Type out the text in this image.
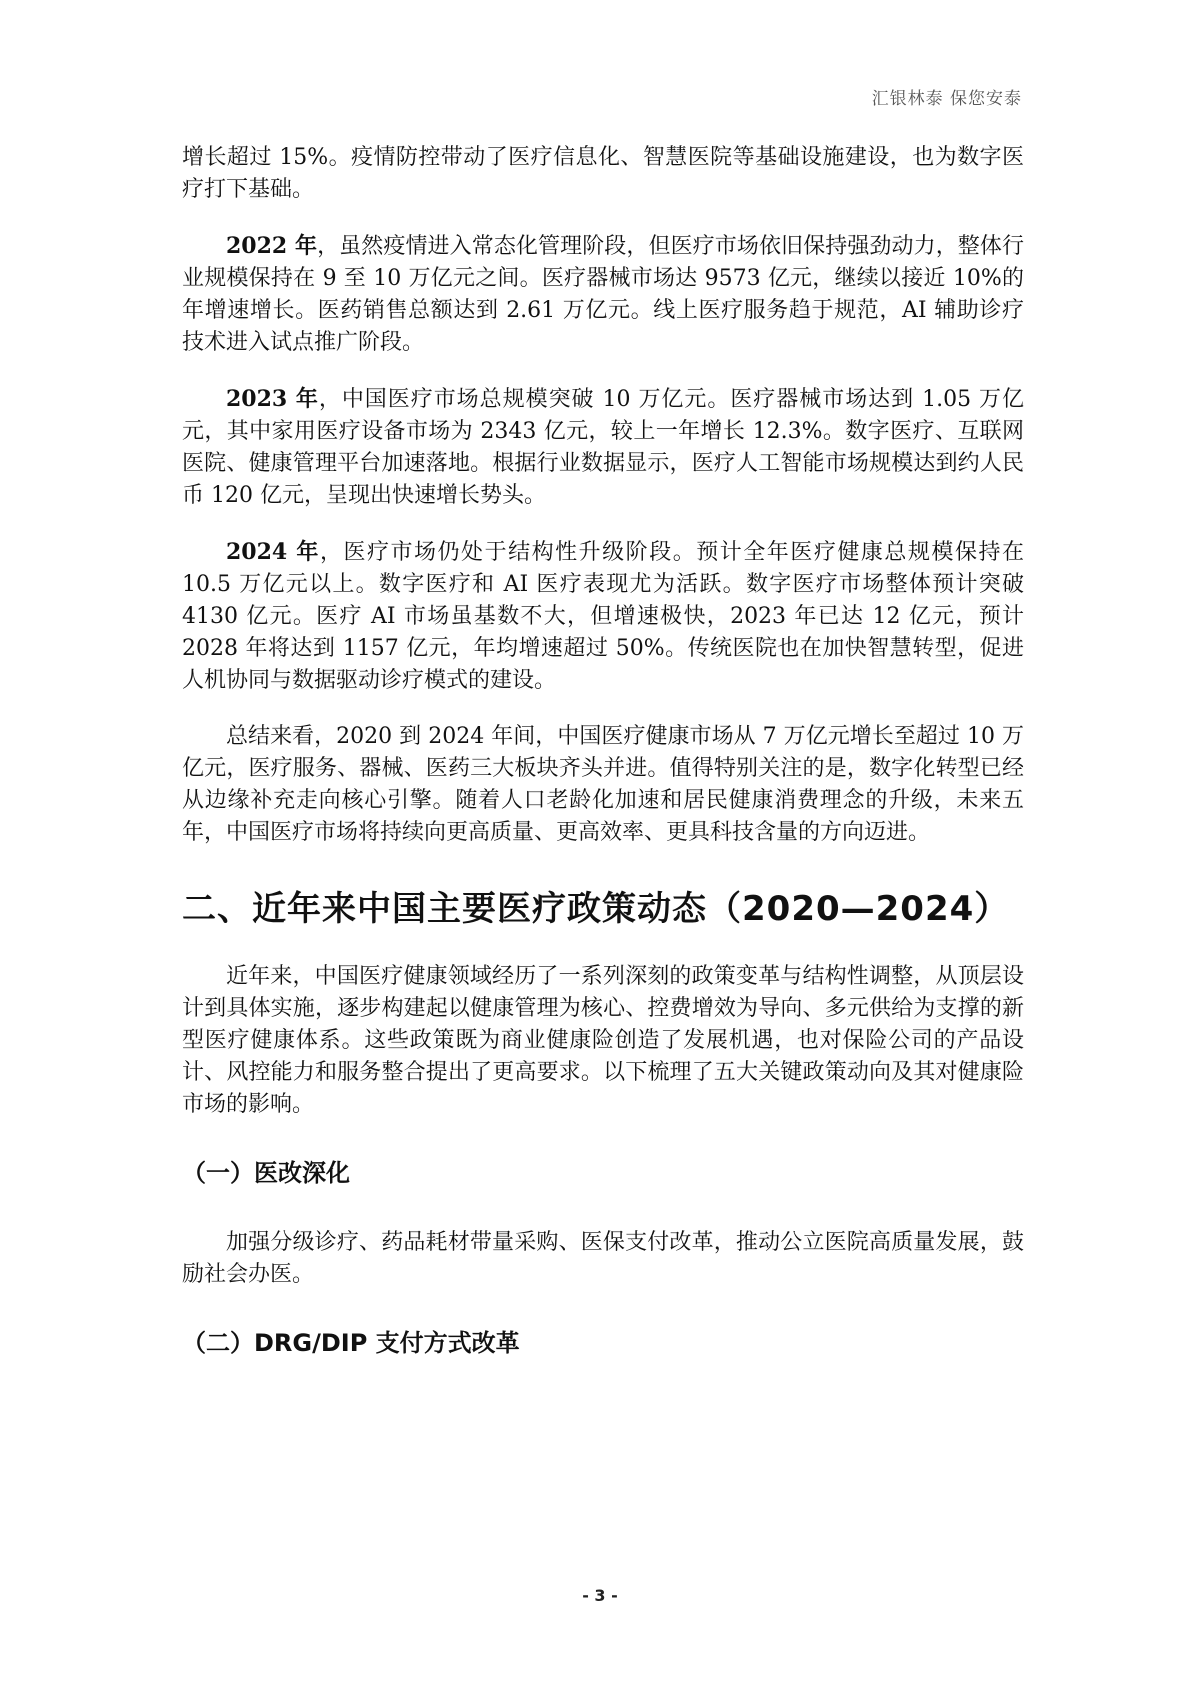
汇银林泰 保您安泰

增长超过 15%。疫情防控带动了医疗信息化、智慧医院等基础设施建设，也为数字医疗打下基础。

2022 年，虽然疫情进入常态化管理阶段，但医疗市场依旧保持强劲动力，整体行业规模保持在 9 至 10 万亿元之间。医疗器械市场达 9573 亿元，继续以接近 10%的年增速增长。医药销售总额达到 2.61 万亿元。线上医疗服务趋于规范，AI 辅助诊疗技术进入试点推广阶段。

2023 年，中国医疗市场总规模突破 10 万亿元。医疗器械市场达到 1.05 万亿元，其中家用医疗设备市场为 2343 亿元，较上一年增长 12.3%。数字医疗、互联网医院、健康管理平台加速落地。根据行业数据显示，医疗人工智能市场规模达到约人民币 120 亿元，呈现出快速增长势头。

2024 年，医疗市场仍处于结构性升级阶段。预计全年医疗健康总规模保持在 10.5 万亿元以上。数字医疗和 AI 医疗表现尤为活跃。数字医疗市场整体预计突破 4130 亿元。医疗 AI 市场虽基数不大，但增速极快，2023 年已达 12 亿元，预计 2028 年将达到 1157 亿元，年均增速超过 50%。传统医院也在加快智慧转型，促进人机协同与数据驱动诊疗模式的建设。

总结来看，2020 到 2024 年间，中国医疗健康市场从 7 万亿元增长至超过 10 万亿元，医疗服务、器械、医药三大板块齐头并进。值得特别关注的是，数字化转型已经从边缘补充走向核心引擎。随着人口老龄化加速和居民健康消费理念的升级，未来五年，中国医疗市场将持续向更高质量、更高效率、更具科技含量的方向迈进。

二、近年来中国主要医疗政策动态（2020—2024）

近年来，中国医疗健康领域经历了一系列深刻的政策变革与结构性调整，从顶层设计到具体实施，逐步构建起以健康管理为核心、控费增效为导向、多元供给为支撑的新型医疗健康体系。这些政策既为商业健康险创造了发展机遇，也对保险公司的产品设计、风控能力和服务整合提出了更高要求。以下梳理了五大关键政策动向及其对健康险市场的影响。

（一）医改深化

加强分级诊疗、药品耗材带量采购、医保支付改革，推动公立医院高质量发展，鼓励社会办医。

（二）DRG/DIP 支付方式改革
- 3 -
